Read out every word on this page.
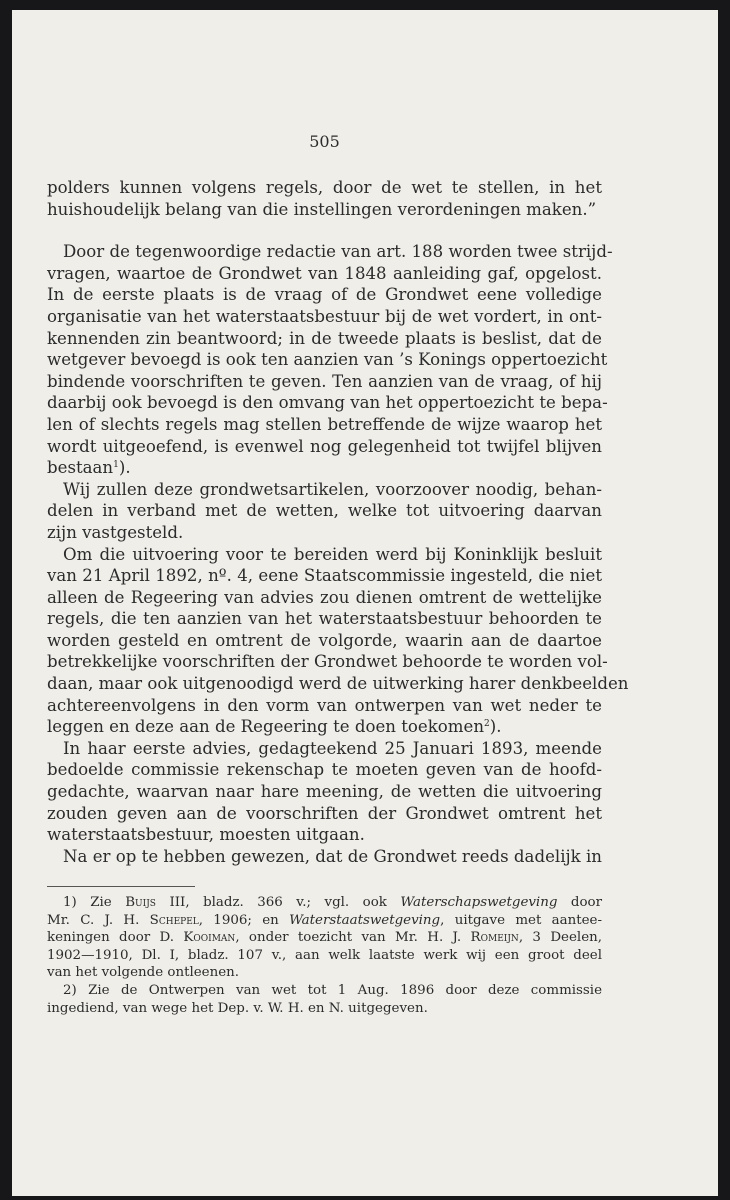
505
polders kunnen volgens regels, door de wet te stellen, in het
huishoudelijk belang van die instellingen verordeningen maken.”
Door de tegenwoordige redactie van art. 188 worden twee strijd-
vragen, waartoe de Grondwet van 1848 aanleiding gaf, opgelost.
In de eerste plaats is de vraag of de Grondwet eene volledige
organisatie van het waterstaatsbestuur bij de wet vordert, in ont-
kennenden zin beantwoord; in de tweede plaats is beslist, dat de
wetgever bevoegd is ook ten aanzien van ’s Konings oppertoezicht
bindende voorschriften te geven. Ten aanzien van de vraag, of hij
daarbij ook bevoegd is den omvang van het oppertoezicht te bepa-
len of slechts regels mag stellen betreffende de wijze waarop het
wordt uitgeoefend, is evenwel nog gelegenheid tot twijfel blijven
bestaan$^1$).
Wij zullen deze grondwetsartikelen, voorzoover noodig, behan-
delen in verband met de wetten, welke tot uitvoering daarvan
zijn vastgesteld.
Om die uitvoering voor te bereiden werd bij Koninklijk besluit
van 21 April 1892, nº. 4, eene Staatscommissie ingesteld, die niet
alleen de Regeering van advies zou dienen omtrent de wettelijke
regels, die ten aanzien van het waterstaatsbestuur behoorden te
worden gesteld en omtrent de volgorde, waarin aan de daartoe
betrekkelijke voorschriften der Grondwet behoorde te worden vol-
daan, maar ook uitgenoodigd werd de uitwerking harer denkbeelden
achtereenvolgens in den vorm van ontwerpen van wet neder te
leggen en deze aan de Regeering te doen toekomen$^2$).
In haar eerste advies, gedagteekend 25 Januari 1893, meende
bedoelde commissie rekenschap te moeten geven van de hoofd-
gedachte, waarvan naar hare meening, de wetten die uitvoering
zouden geven aan de voorschriften der Grondwet omtrent het
waterstaatsbestuur, moesten uitgaan.
Na er op te hebben gewezen, dat de Grondwet reeds dadelijk in
1) Zie Buijs III, bladz. 366 v.; vgl. ook Waterschapswetgeving door
Mr. C. J. H. Schepel, 1906; en Waterstaatswetgeving, uitgave met aantee-
keningen door D. Kooiman, onder toezicht van Mr. H. J. Romeijn, 3 Deelen,
1902—1910, Dl. I, bladz. 107 v., aan welk laatste werk wij een groot deel
van het volgende ontleenen.
2) Zie de Ontwerpen van wet tot 1 Aug. 1896 door deze commissie
ingediend, van wege het Dep. v. W. H. en N. uitgegeven.
